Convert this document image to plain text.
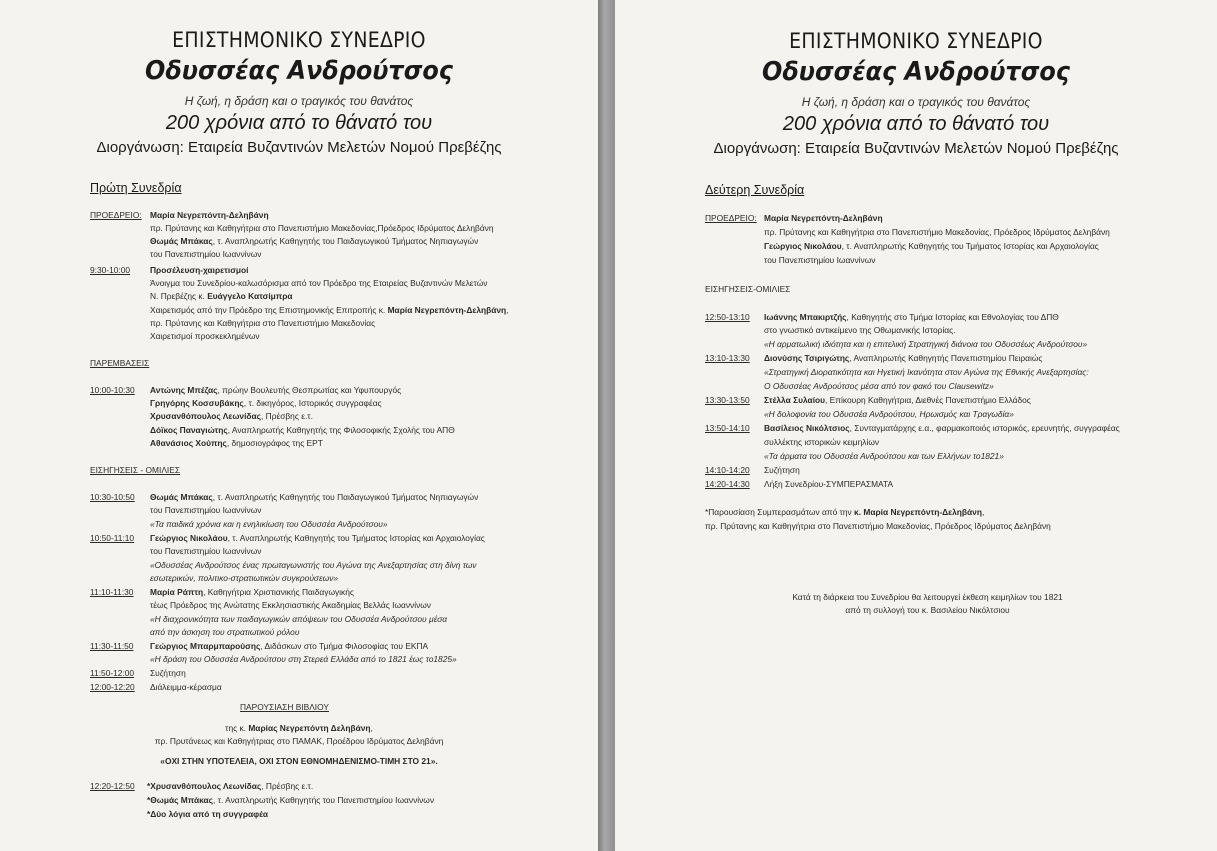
ΕΠΙΣΤΗΜΟΝΙΚΟ ΣΥΝΕΔΡΙΟ
Οδυσσέας Ανδρούτσος
Η ζωή, η δράση και ο τραγικός του θανάτος
200 χρόνια από το θάνατό του
Διοργάνωση: Εταιρεία Βυζαντινών Μελετών Νομού Πρεβέζης
Πρώτη Συνεδρία
ΠΡΟΕΔΡΕΙΟ: Μαρία Νεγρεπόντη-Δεληβάνη
πρ. Πρύτανης και Καθηγήτρια στο Πανεπιστήμιο Μακεδονίας,Πρόεδρος Ιδρύματος Δεληβάνη
Θωμάς Μπάκας, τ. Αναπληρωτής Καθηγητής του Παιδαγωγικού Τμήματος Νηπιαγωγών
του Πανεπιστημίου Ιωαννίνων
9:30-10:00 Προσέλευση-χαιρετισμοί
Άνοιγμα του Συνεδρίου-καλωσόρισμα από τον Πρόεδρο της Εταιρείας Βυζαντινών Μελετών
Ν. Πρεβέζης κ. Ευάγγελο Κατσίμπρα
Χαιρετισμός από την Πρόεδρο της Επιστημονικής Επιτροπής κ. Μαρία Νεγρεπόντη-Δεληβάνη,
πρ. Πρύτανης και Καθηγήτρια στο Πανεπιστήμιο Μακεδονίας
Χαιρετισμοί προσκεκλημένων
ΠΑΡΕΜΒΑΣΕΙΣ
10:00-10:30 Αντώνης Μπέζας, πρώην Βουλευτής Θεσπρωτίας και Υφυπουργός
Γρηγόρης Κοσσυβάκης, τ. δικηγόρος, Ιστορικός συγγραφέας
Χρυσανθόπουλος Λεωνίδας, Πρέσβης ε.τ.
Δόϊκος Παναγιώτης, Αναπληρωτής Καθηγητής της Φιλοσοφικής Σχολής του ΑΠΘ
Αθανάσιος Χούπης, δημοσιογράφος της ΕΡΤ
ΕΙΣΗΓΗΣΕΙΣ - ΟΜΙΛΙΕΣ
10:30-10:50 Θωμάς Μπάκας, τ. Αναπληρωτής Καθηγητής του Παιδαγωγικού Τμήματος Νηπιαγωγών
του Πανεπιστημίου Ιωαννίνων
«Τα παιδικά χρόνια και η ενηλικίωση του Οδυσσέα Ανδρούτσου»
10:50-11:10 Γεώργιος Νικολάου, τ. Αναπληρωτής Καθηγητής του Τμήματος Ιστορίας και Αρχαιολογίας
του Πανεπιστημίου Ιωαννίνων
«Οδυσσέας Ανδρούτσος ένας πρωταγωνιστής του Αγώνα της Ανεξαρτησίας στη δίνη των
εσωτερικών, πολιτικο-στρατιωτικών συγκρούσεων»
11:10-11:30 Μαρία Ράπτη, Καθηγήτρια Χριστιανικής Παιδαγωγικής
τέως Πρόεδρος της Ανώτατης Εκκλησιαστικής Ακαδημίας Βελλάς Ιωαννίνων
«Η διαχρονικότητα των παιδαγωγικών απόψεων του Οδυσσέα Ανδρούτσου μέσα
από την άσκηση του στρατιωτικού ρόλου
11:30-11:50 Γεώργιος Μπαρμπαρούσης, Διδάσκων στο Τμήμα Φιλοσοφίας του ΕΚΠΑ
«Η δράση του Οδυσσέα Ανδρούτσου στη Στερεά Ελλάδα από το 1821 έως το1825»
11:50-12:00 Συζήτηση
12:00-12:20 Διάλειμμα-κέρασμα
ΠΑΡΟΥΣΙΑΣΗ ΒΙΒΛΙΟΥ
της κ. Μαρίας Νεγρεπόντη Δεληβάνη,
πρ. Πρυτάνεως και Καθηγήτριας στο ΠΑΜΑΚ, Προέδρου Ιδρύματος Δεληβάνη
«ΟΧΙ ΣΤΗΝ ΥΠΟΤΕΛΕΙΑ, ΟΧΙ ΣΤΟΝ ΕΘΝΟΜΗΔΕΝΙΣΜΟ-ΤΙΜΗ ΣΤΟ 21».
12:20-12:50 *Χρυσανθόπουλος Λεωνίδας, Πρέσβης ε.τ.
*Θωμάς Μπάκας, τ. Αναπληρωτής Καθηγητής του Πανεπιστημίου Ιωαννίνων
*Δύο λόγια από τη συγγραφέα
ΕΠΙΣΤΗΜΟΝΙΚΟ ΣΥΝΕΔΡΙΟ
Οδυσσέας Ανδρούτσος
Η ζωή, η δράση και ο τραγικός του θανάτος
200 χρόνια από το θάνατό του
Διοργάνωση: Εταιρεία Βυζαντινών Μελετών Νομού Πρεβέζης
Δεύτερη Συνεδρία
ΠΡΟΕΔΡΕΙΟ: Μαρία Νεγρεπόντη-Δεληβάνη
πρ. Πρύτανης και Καθηγήτρια στο Πανεπιστήμιο Μακεδονίας, Πρόεδρος Ιδρύματος Δεληβάνη
Γεώργιος Νικολάου, τ. Αναπληρωτής Καθηγητής του Τμήματος Ιστορίας και Αρχαιολογίας
του Πανεπιστημίου Ιωαννίνων
ΕΙΣΗΓΗΣΕΙΣ-ΟΜΙΛΙΕΣ
12:50-13:10 Ιωάννης Μπακιρτζής, Καθηγητής στο Τμήμα Ιστορίας και Εθνολογίας του ΔΠΘ
στο γνωστικό αντικείμενο της Οθωμανικής Ιστορίας.
«Η αρματωλική ιδιότητα και η επιτελική Στρατηγική διάνοια του Οδυσσέως Ανδρούτσου»
13:10-13:30 Διονύσης Τσιριγώτης, Αναπληρωτής Καθηγητής Πανεπιστημίου Πειραιώς
«Στρατηγική Διορατικότητα και Ηγετική Ικανότητα στον Αγώνα της Εθνικής Ανεξαρτησίας:
Ο Οδυσσέας Ανδρούτσος μέσα από τον φακό του Clausewitz»
13:30-13:50 Στέλλα Συλαίου, Επίκουρη Καθηγήτρια, Διεθνές Πανεπιστήμιο Ελλάδος
«Η δολοφονία του Οδυσσέα Ανδρούτσου, Ηρωισμός και Τραγωδία»
13:50-14:10 Βασίλειος Νικόλτσιος, Συνταγματάρχης ε.α., φαρμακοποιός ιστορικός, ερευνητής, συγγραφέας
συλλέκτης ιστορικών κειμηλίων
«Τα άρματα του Οδυσσέα Ανδρούτσου και των Ελλήνων το1821»
14:10-14:20 Συζήτηση
14:20-14:30 Λήξη Συνεδρίου-ΣΥΜΠΕΡΑΣΜΑΤΑ
*Παρουσίαση Συμπερασμάτων από την κ. Μαρία Νεγρεπόντη-Δεληβάνη,
πρ. Πρύτανης και Καθηγήτρια στο Πανεπιστήμιο Μακεδονίας, Πρόεδρος Ιδρύματος Δεληβάνη
Κατά τη διάρκεια του Συνεδρίου θα λειτουργεί έκθεση κειμηλίων του 1821
από τη συλλογή του κ. Βασιλείου Νικόλτσιου
